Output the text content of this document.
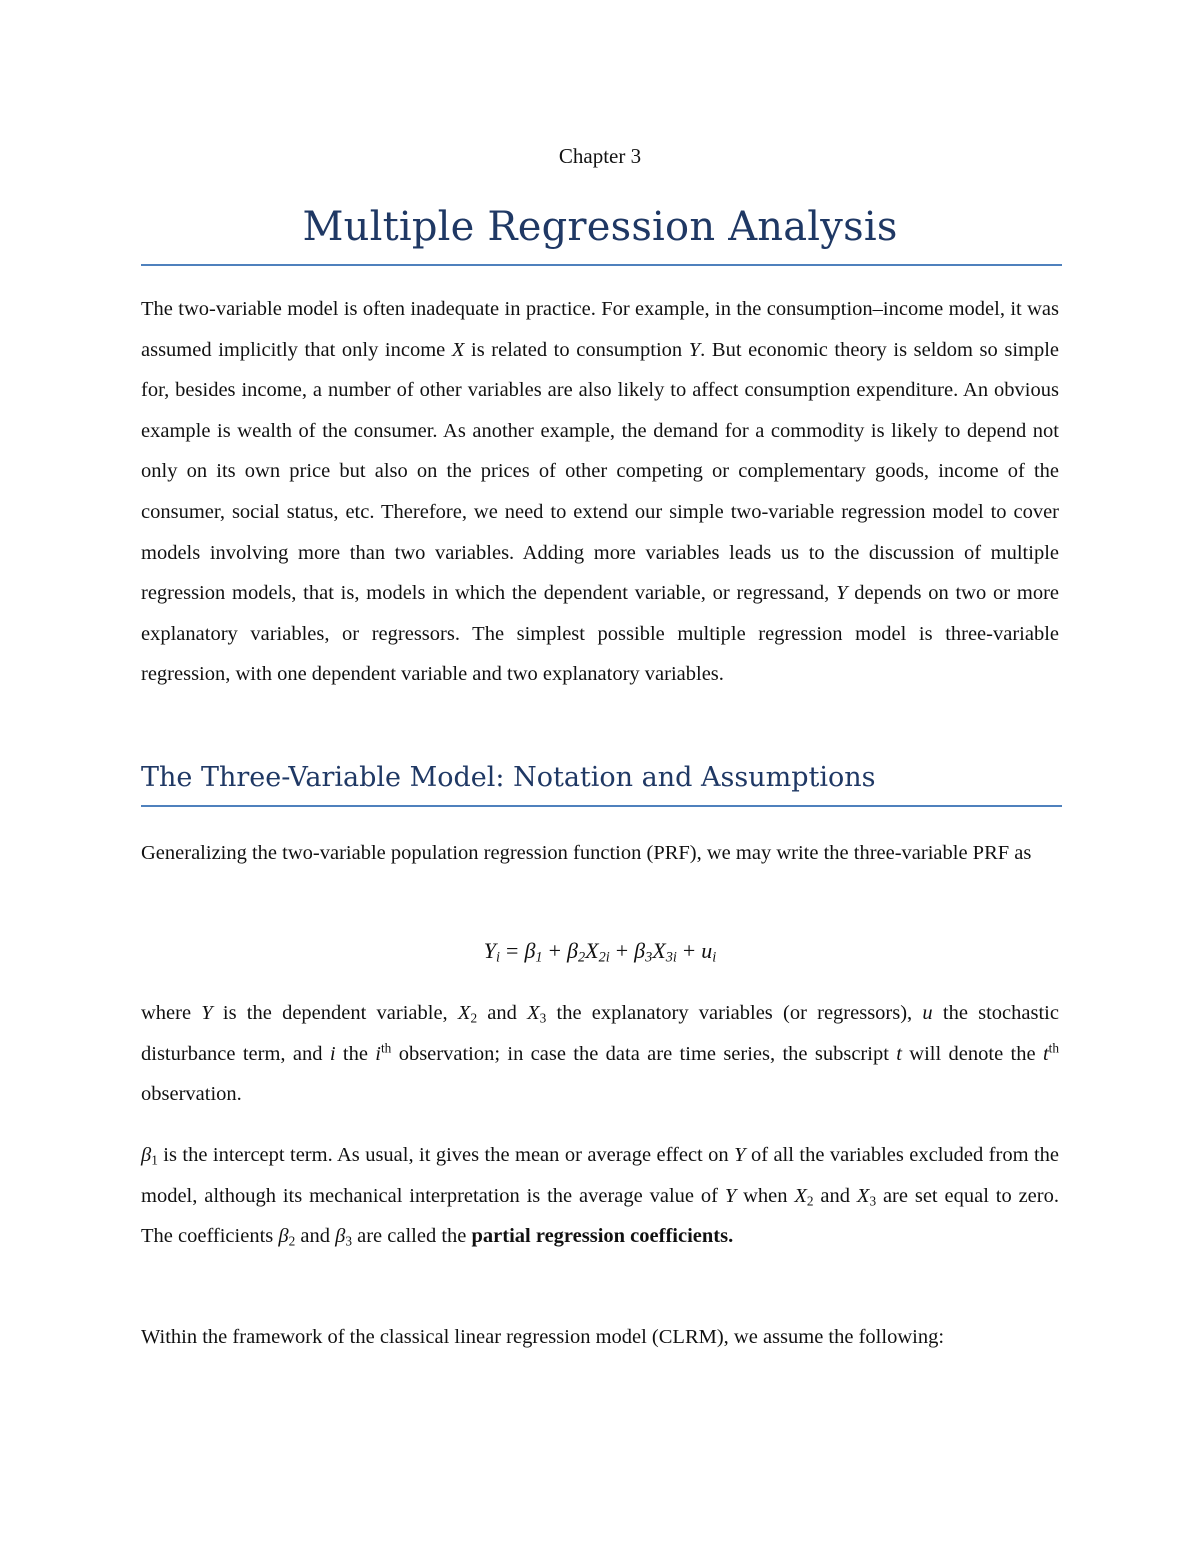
Chapter 3
Multiple Regression Analysis

The two-variable model is often inadequate in practice. For example, in the consumption–income model, it was assumed implicitly that only income X is related to consumption Y. But economic theory is seldom so simple for, besides income, a number of other variables are also likely to affect consumption expenditure. An obvious example is wealth of the consumer. As another example, the demand for a commodity is likely to depend not only on its own price but also on the prices of other competing or complementary goods, income of the consumer, social status, etc. Therefore, we need to extend our simple two-variable regression model to cover models involving more than two variables. Adding more variables leads us to the discussion of multiple regression models, that is, models in which the dependent variable, or regressand, Y depends on two or more explanatory variables, or regressors. The simplest possible multiple regression model is three-variable regression, with one dependent variable and two explanatory variables.

The Three-Variable Model: Notation and Assumptions

Generalizing the two-variable population regression function (PRF), we may write the three-variable PRF as

$Y_i = \beta_1 + \beta_2X_{2i} + \beta_3X_{3i} + u_i$

where Y is the dependent variable, $X_2$ and $X_3$ the explanatory variables (or regressors), u the stochastic disturbance term, and i the $i^{th}$ observation; in case the data are time series, the subscript t will denote the $t^{th}$ observation.

$\beta_1$ is the intercept term. As usual, it gives the mean or average effect on Y of all the variables excluded from the model, although its mechanical interpretation is the average value of Y when $X_2$ and $X_3$ are set equal to zero. The coefficients $\beta_2$ and $\beta_3$ are called the partial regression coefficients.

Within the framework of the classical linear regression model (CLRM), we assume the following:
